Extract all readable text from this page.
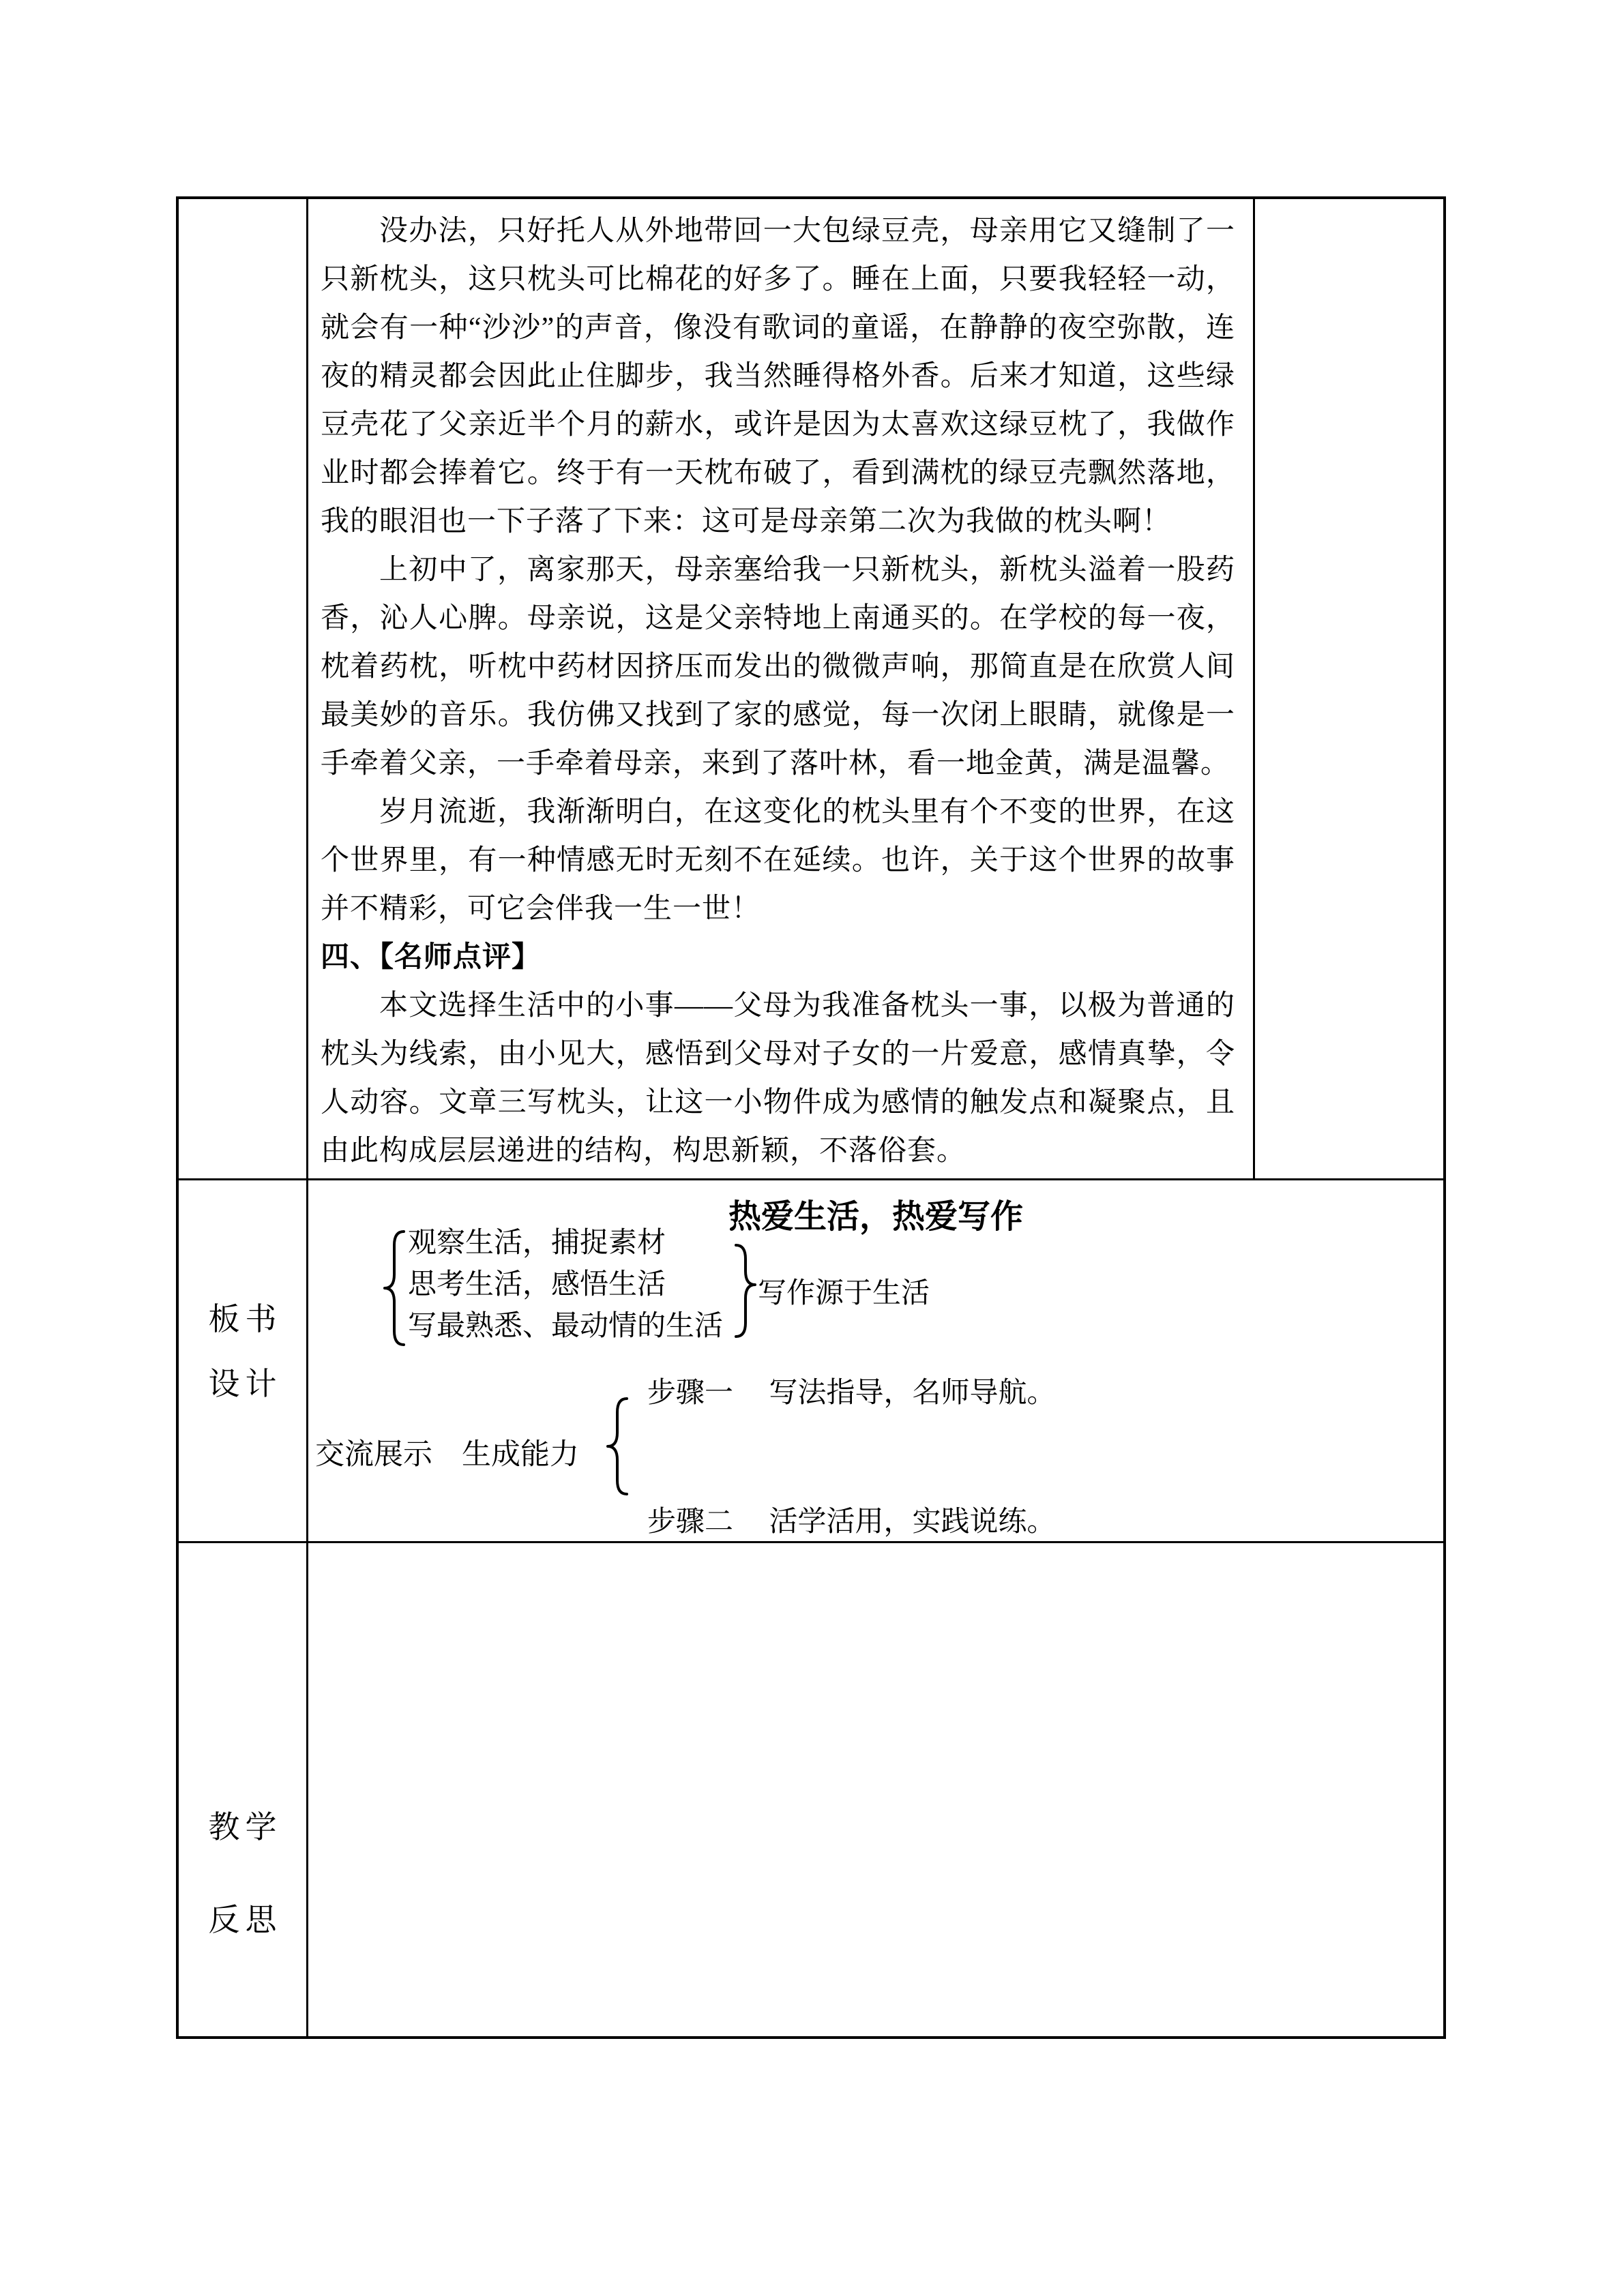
没办法，只好托人从外地带回一大包绿豆壳，母亲用它又缝制了一只新枕头，这只枕头可比棉花的好多了。睡在上面，只要我轻轻一动，就会有一种“沙沙”的声音，像没有歌词的童谣，在静静的夜空弥散，连夜的精灵都会因此止住脚步，我当然睡得格外香。后来才知道，这些绿豆壳花了父亲近半个月的薪水，或许是因为太喜欢这绿豆枕了，我做作业时都会捧着它。终于有一天枕布破了，看到满枕的绿豆壳飘然落地，我的眼泪也一下子落了下来：这可是母亲第二次为我做的枕头啊！

上初中了，离家那天，母亲塞给我一只新枕头，新枕头溢着一股药香，沁人心脾。母亲说，这是父亲特地上南通买的。在学校的每一夜，枕着药枕，听枕中药材因挤压而发出的微微声响，那简直是在欣赏人间最美妙的音乐。我仿佛又找到了家的感觉，每一次闭上眼睛，就像是一手牵着父亲，一手牵着母亲，来到了落叶林，看一地金黄，满是温馨。

岁月流逝，我渐渐明白，在这变化的枕头里有个不变的世界，在这个世界里，有一种情感无时无刻不在延续。也许，关于这个世界的故事并不精彩，可它会伴我一生一世！

四、【名师点评】

本文选择生活中的小事——父母为我准备枕头一事，以极为普通的枕头为线索，由小见大，感悟到父母对子女的一片爱意，感情真挚，令人动容。文章三写枕头，让这一小物件成为感情的触发点和凝聚点，且由此构成层层递进的结构，构思新颖，不落俗套。

板书
设计
热爱生活，热爱写作
观察生活，捕捉素材
思考生活，感悟生活
写最熟悉、最动情的生活
写作源于生活
步骤一　 写法指导，名师导航。
交流展示　生成能力
步骤二　 活学活用，实践说练。
教学
反思
